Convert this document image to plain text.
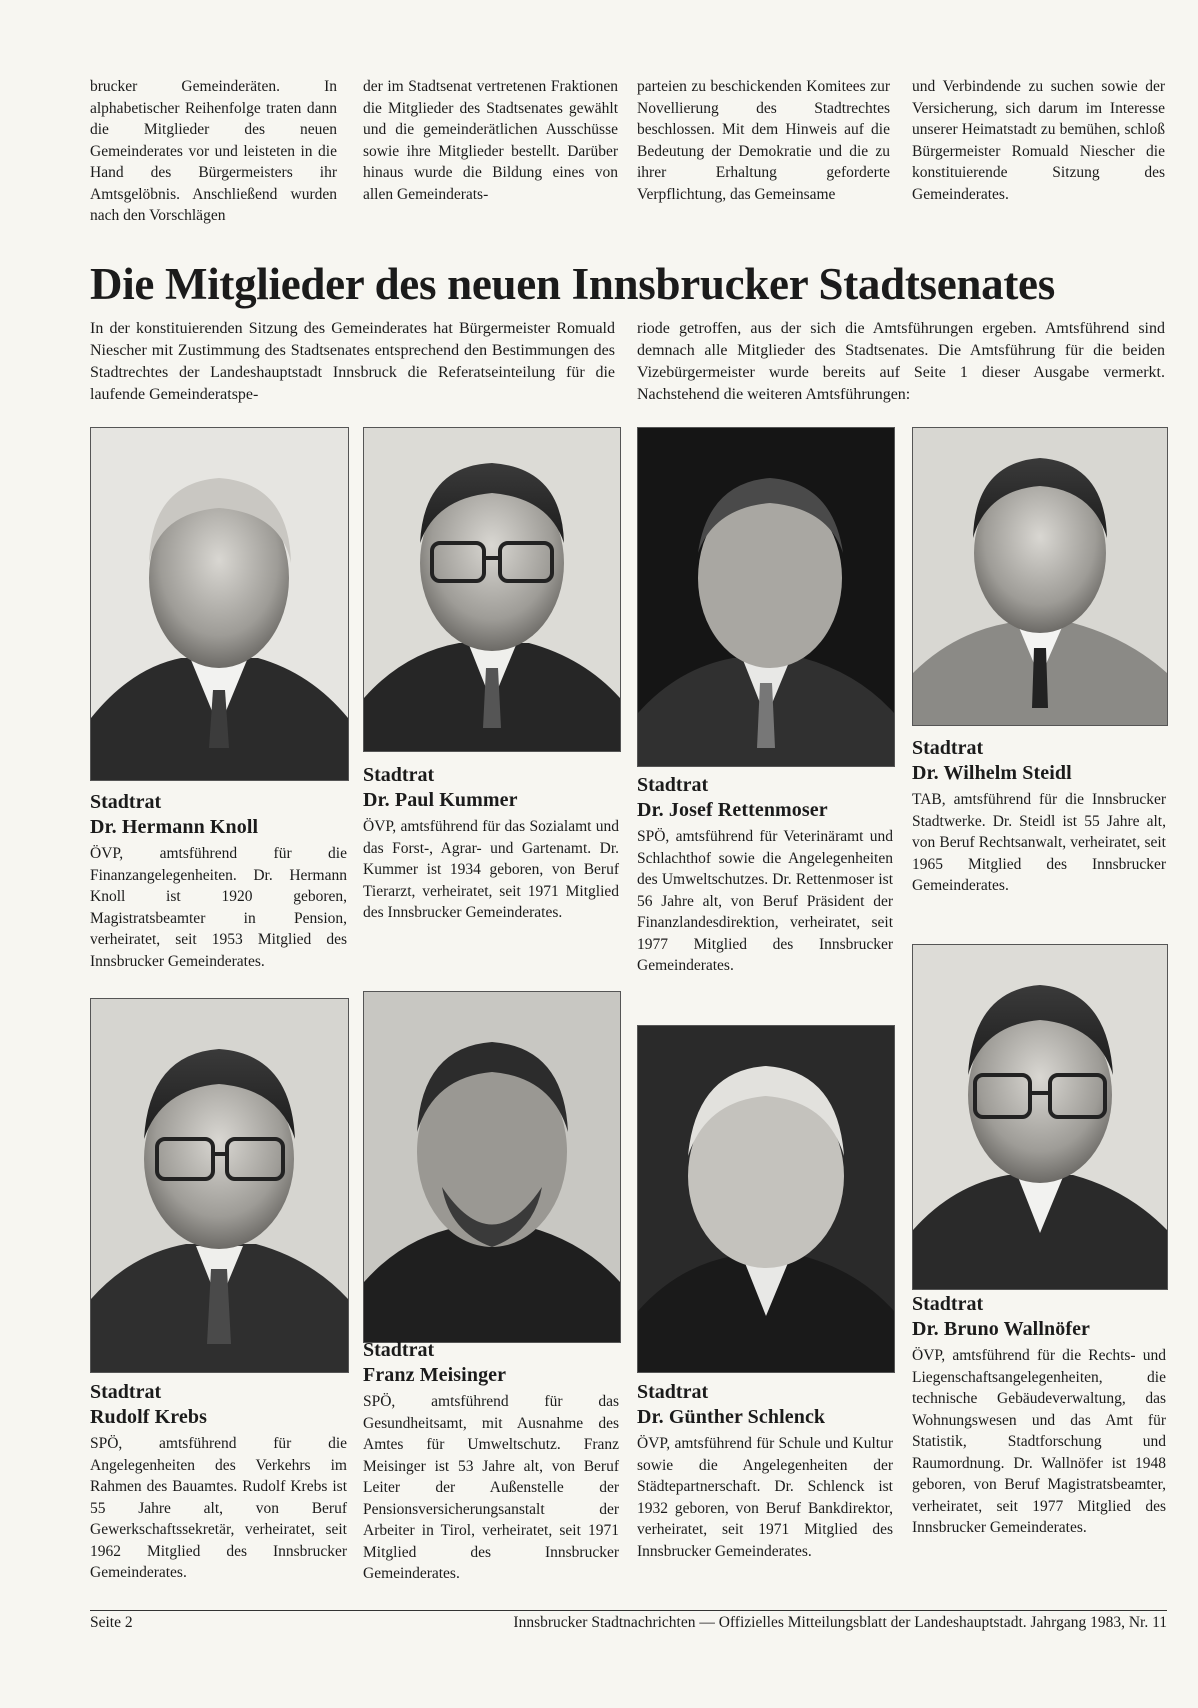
brucker Gemeinderäten. In alphabetischer Reihenfolge traten dann die Mitglieder des neuen Gemeinderates vor und leisteten in die Hand des Bürgermeisters ihr Amtsgelöbnis. Anschließend wurden nach den Vorschlägen
der im Stadtsenat vertretenen Fraktionen die Mitglieder des Stadtsenates gewählt und die gemeinderätlichen Ausschüsse sowie ihre Mitglieder bestellt. Darüber hinaus wurde die Bildung eines von allen Gemeinderats-
parteien zu beschickenden Komitees zur Novellierung des Stadtrechtes beschlossen. Mit dem Hinweis auf die Bedeutung der Demokratie und die zu ihrer Erhaltung geforderte Verpflichtung, das Gemeinsame
und Verbindende zu suchen sowie der Versicherung, sich darum im Interesse unserer Heimatstadt zu bemühen, schloß Bürgermeister Romuald Niescher die konstituierende Sitzung des Gemeinderates.
Die Mitglieder des neuen Innsbrucker Stadtsenates
In der konstituierenden Sitzung des Gemeinderates hat Bürgermeister Romuald Niescher mit Zustimmung des Stadtsenates entsprechend den Bestimmungen des Stadtrechtes der Landeshauptstadt Innsbruck die Referatseinteilung für die laufende Gemeinderatspe-
riode getroffen, aus der sich die Amtsführungen ergeben. Amtsführend sind demnach alle Mitglieder des Stadtsenates. Die Amtsführung für die beiden Vizebürgermeister wurde bereits auf Seite 1 dieser Ausgabe vermerkt. Nachstehend die weiteren Amtsführungen:
Stadtrat
Dr. Hermann Knoll
ÖVP, amtsführend für die Finanzangelegenheiten. Dr. Hermann Knoll ist 1920 geboren, Magistratsbeamter in Pension, verheiratet, seit 1953 Mitglied des Innsbrucker Gemeinderates.
Stadtrat
Dr. Paul Kummer
ÖVP, amtsführend für das Sozialamt und das Forst-, Agrar- und Gartenamt. Dr. Kummer ist 1934 geboren, von Beruf Tierarzt, verheiratet, seit 1971 Mitglied des Innsbrucker Gemeinderates.
Stadtrat
Dr. Josef Rettenmoser
SPÖ, amtsführend für Veterinäramt und Schlachthof sowie die Angelegenheiten des Umweltschutzes. Dr. Rettenmoser ist 56 Jahre alt, von Beruf Präsident der Finanzlandesdirektion, verheiratet, seit 1977 Mitglied des Innsbrucker Gemeinderates.
Stadtrat
Dr. Wilhelm Steidl
TAB, amtsführend für die Innsbrucker Stadtwerke. Dr. Steidl ist 55 Jahre alt, von Beruf Rechtsanwalt, verheiratet, seit 1965 Mitglied des Innsbrucker Gemeinderates.
Stadtrat
Rudolf Krebs
SPÖ, amtsführend für die Angelegenheiten des Verkehrs im Rahmen des Bauamtes. Rudolf Krebs ist 55 Jahre alt, von Beruf Gewerkschaftssekretär, verheiratet, seit 1962 Mitglied des Innsbrucker Gemeinderates.
Stadtrat
Franz Meisinger
SPÖ, amtsführend für das Gesundheitsamt, mit Ausnahme des Amtes für Umweltschutz. Franz Meisinger ist 53 Jahre alt, von Beruf Leiter der Außenstelle der Pensionsversicherungsanstalt der Arbeiter in Tirol, verheiratet, seit 1971 Mitglied des Innsbrucker Gemeinderates.
Stadtrat
Dr. Günther Schlenck
ÖVP, amtsführend für Schule und Kultur sowie die Angelegenheiten der Städtepartnerschaft. Dr. Schlenck ist 1932 geboren, von Beruf Bankdirektor, verheiratet, seit 1971 Mitglied des Innsbrucker Gemeinderates.
Stadtrat
Dr. Bruno Wallnöfer
ÖVP, amtsführend für die Rechts- und Liegenschaftsangelegenheiten, die technische Gebäudeverwaltung, das Wohnungswesen und das Amt für Statistik, Stadtforschung und Raumordnung. Dr. Wallnöfer ist 1948 geboren, von Beruf Magistratsbeamter, verheiratet, seit 1977 Mitglied des Innsbrucker Gemeinderates.
Seite 2	Innsbrucker Stadtnachrichten — Offizielles Mitteilungsblatt der Landeshauptstadt. Jahrgang 1983, Nr. 11
